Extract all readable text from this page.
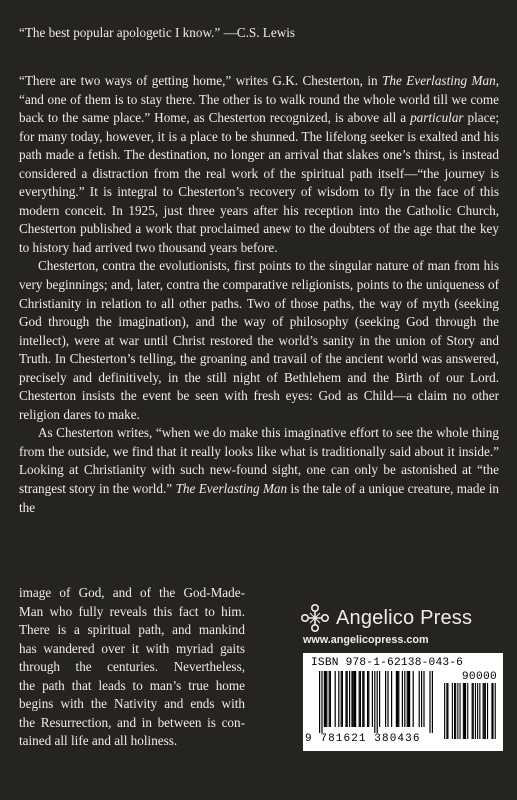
“The best popular apologetic I know.” —C.S. Lewis

“There are two ways of getting home,” writes G.K. Chesterton, in The Everlasting Man, “and one of them is to stay there. The other is to walk round the whole world till we come back to the same place.” Home, as Chesterton recognized, is above all a particular place; for many today, however, it is a place to be shunned. The lifelong seeker is exalted and his path made a fetish. The destination, no longer an arrival that slakes one’s thirst, is instead considered a distraction from the real work of the spiritual path itself—“the journey is everything.” It is integral to Chesterton’s recovery of wisdom to fly in the face of this modern conceit. In 1925, just three years after his reception into the Catholic Church, Chesterton published a work that proclaimed anew to the doubters of the age that the key to history had arrived two thousand years before.

Chesterton, contra the evolutionists, first points to the singular nature of man from his very beginnings; and, later, contra the comparative religionists, points to the uniqueness of Christianity in relation to all other paths. Two of those paths, the way of myth (seeking God through the imagination), and the way of philosophy (seeking God through the intellect), were at war until Christ restored the world’s sanity in the union of Story and Truth. In Chesterton’s telling, the groaning and travail of the ancient world was answered, precisely and definitively, in the still night of Bethlehem and the Birth of our Lord. Chesterton insists the event be seen with fresh eyes: God as Child—a claim no other religion dares to make.

As Chesterton writes, “when we do make this imaginative effort to see the whole thing from the outside, we find that it really looks like what is traditionally said about it inside.” Looking at Christianity with such new-found sight, one can only be astonished at “the strangest story in the world.” The Everlasting Man is the tale of a unique creature, made in the

image of God, and of the God-Made-
Man who fully reveals this fact to him.
There is a spiritual path, and mankind
has wandered over it with myriad gaits
through the centuries. Nevertheless,
the path that leads to man’s true home
begins with the Nativity and ends with
the Resurrection, and in between is con-
tained all life and all holiness.
Angelico Press
www.angelicopress.com
ISBN 978-1-62138-043-6
90000
9 781621 380436
